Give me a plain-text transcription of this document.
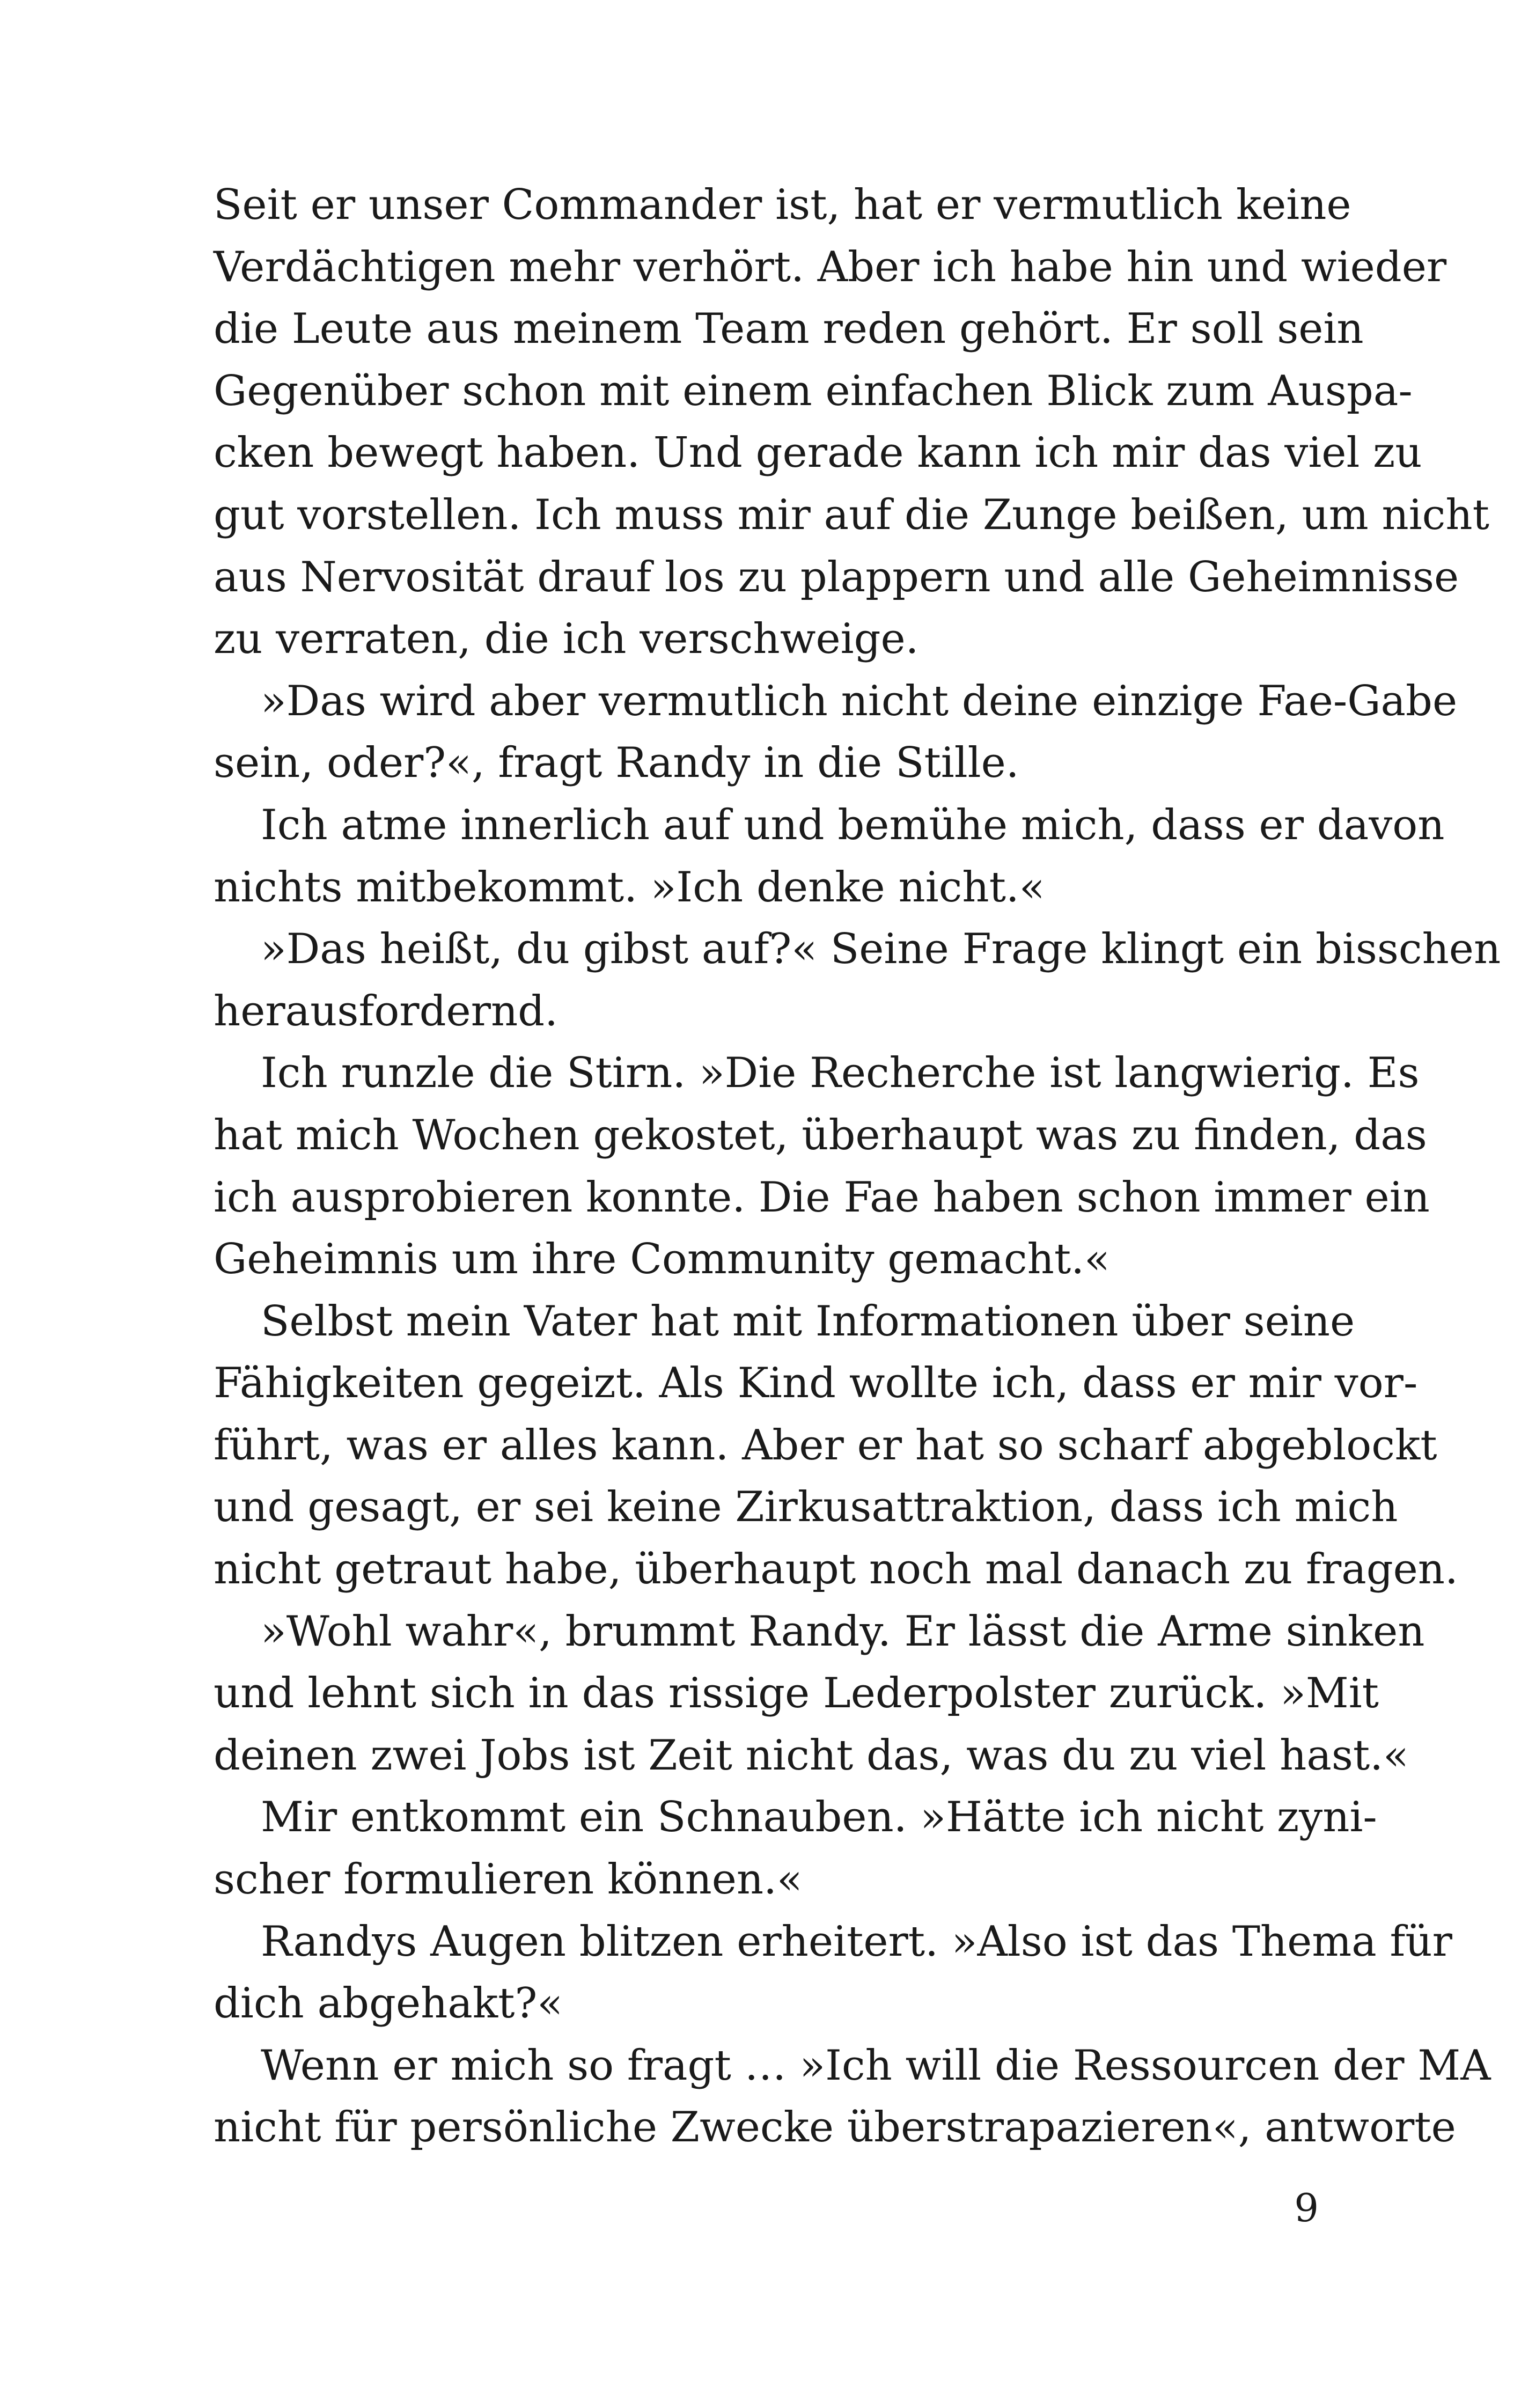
Seit er unser Commander ist, hat er vermutlich keine
Verdächtigen mehr verhört. Aber ich habe hin und wieder
die Leute aus meinem Team reden gehört. Er soll sein
Gegenüber schon mit einem einfachen Blick zum Auspa-
cken bewegt haben. Und gerade kann ich mir das viel zu
gut vorstellen. Ich muss mir auf die Zunge beißen, um nicht
aus Nervosität drauf los zu plappern und alle Geheimnisse
zu verraten, die ich verschweige.
»Das wird aber vermutlich nicht deine einzige Fae-Gabe
sein, oder?«, fragt Randy in die Stille.
Ich atme innerlich auf und bemühe mich, dass er davon
nichts mitbekommt. »Ich denke nicht.«
»Das heißt, du gibst auf?« Seine Frage klingt ein bisschen
herausfordernd.
Ich runzle die Stirn. »Die Recherche ist langwierig. Es
hat mich Wochen gekostet, überhaupt was zu finden, das
ich ausprobieren konnte. Die Fae haben schon immer ein
Geheimnis um ihre Community gemacht.«
Selbst mein Vater hat mit Informationen über seine
Fähigkeiten gegeizt. Als Kind wollte ich, dass er mir vor-
führt, was er alles kann. Aber er hat so scharf abgeblockt
und gesagt, er sei keine Zirkusattraktion, dass ich mich
nicht getraut habe, überhaupt noch mal danach zu fragen.
»Wohl wahr«, brummt Randy. Er lässt die Arme sinken
und lehnt sich in das rissige Lederpolster zurück. »Mit
deinen zwei Jobs ist Zeit nicht das, was du zu viel hast.«
Mir entkommt ein Schnauben. »Hätte ich nicht zyni-
scher formulieren können.«
Randys Augen blitzen erheitert. »Also ist das Thema für
dich abgehakt?«
Wenn er mich so fragt … »Ich will die Ressourcen der MA
nicht für persönliche Zwecke überstrapazieren«, antworte
9
